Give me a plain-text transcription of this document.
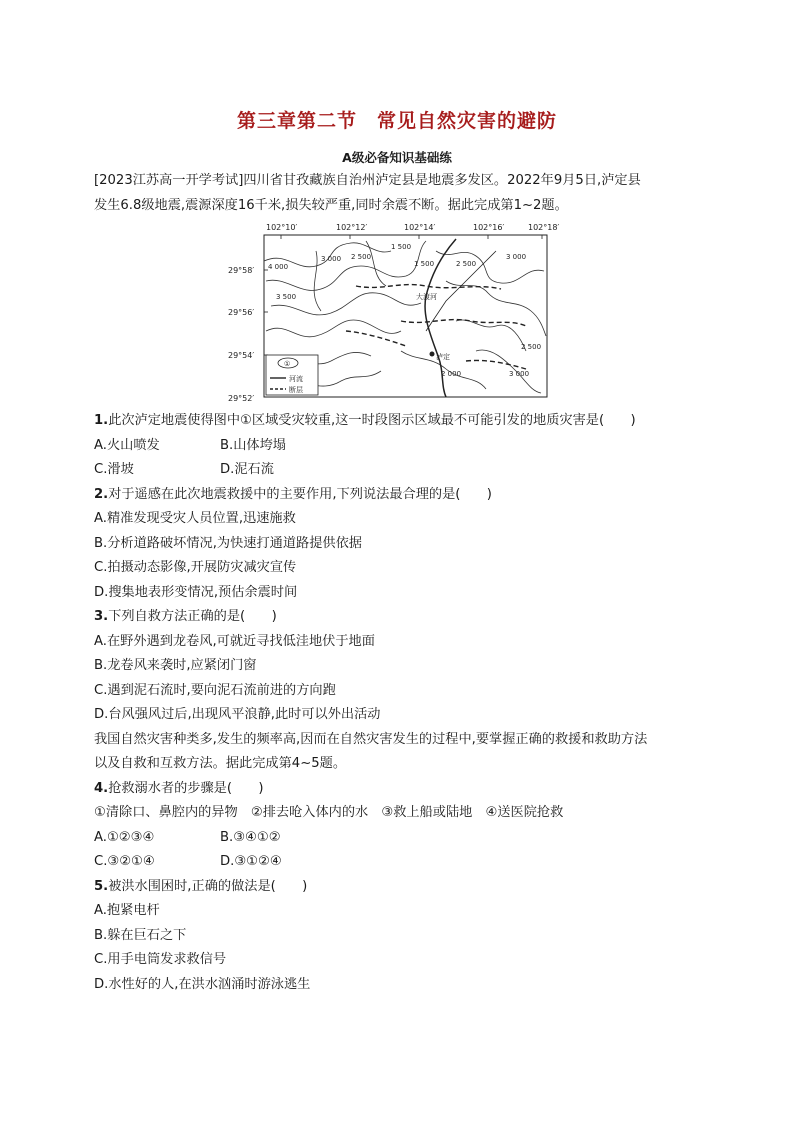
第三章第二节　常见自然灾害的避防
A级必备知识基础练

[2023江苏高一开学考试]四川省甘孜藏族自治州泸定县是地震多发区。2022年9月5日,泸定县

发生6.8级地震,震源深度16千米,损失较严重,同时余震不断。据此完成第1~2题。

102°10′	102°12′	102°14′	102°16′	102°18′
29°58′
29°56′
29°54′
29°52′
4 000
3 500
3 000 2 500
1 500
2 500
3 000
1 500
2 000	3 000
2 500
大渡河
泸定
①
河流
断层

1.此次泸定地震使得图中①区域受灾较重,这一时段图示区域最不可能引发的地质灾害是(　　)

A.火山喷发	B.山体垮塌

C.滑坡	D.泥石流

2.对于遥感在此次地震救援中的主要作用,下列说法最合理的是(　　)

A.精准发现受灾人员位置,迅速施救

B.分析道路破坏情况,为快速打通道路提供依据

C.拍摄动态影像,开展防灾减灾宣传

D.搜集地表形变情况,预估余震时间

3.下列自救方法正确的是(　　)

A.在野外遇到龙卷风,可就近寻找低洼地伏于地面

B.龙卷风来袭时,应紧闭门窗

C.遇到泥石流时,要向泥石流前进的方向跑

D.台风强风过后,出现风平浪静,此时可以外出活动

我国自然灾害种类多,发生的频率高,因而在自然灾害发生的过程中,要掌握正确的救援和救助方法

以及自救和互救方法。据此完成第4~5题。

4.抢救溺水者的步骤是(　　)

①清除口、鼻腔内的异物　②排去呛入体内的水　③救上船或陆地　④送医院抢救

A.①②③④	B.③④①②

C.③②①④	D.③①②④

5.被洪水围困时,正确的做法是(　　)

A.抱紧电杆

B.躲在巨石之下

C.用手电筒发求救信号

D.水性好的人,在洪水汹涌时游泳逃生
